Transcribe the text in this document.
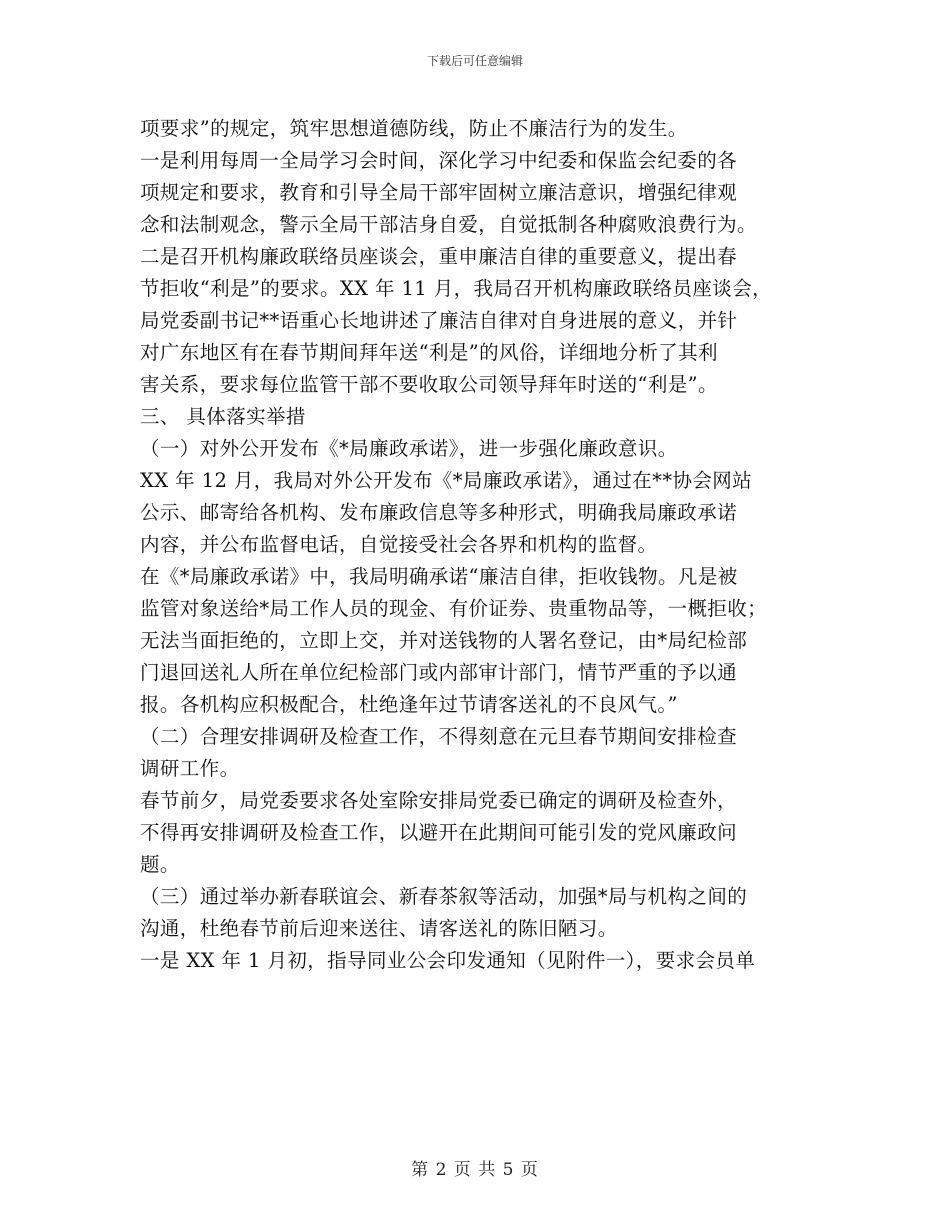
下载后可任意编辑
项要求”的规定，筑牢思想道德防线，防止不廉洁行为的发生。
一是利用每周一全局学习会时间，深化学习中纪委和保监会纪委的各
项规定和要求，教育和引导全局干部牢固树立廉洁意识，增强纪律观
念和法制观念，警示全局干部洁身自爱，自觉抵制各种腐败浪费行为。
二是召开机构廉政联络员座谈会，重申廉洁自律的重要意义，提出春
节拒收“利是”的要求。XX 年 11 月，我局召开机构廉政联络员座谈会，
局党委副书记**语重心长地讲述了廉洁自律对自身进展的意义，并针
对广东地区有在春节期间拜年送“利是”的风俗，详细地分析了其利
害关系，要求每位监管干部不要收取公司领导拜年时送的“利是”。
三、 具体落实举措
（一）对外公开发布《*局廉政承诺》，进一步强化廉政意识。
XX 年 12 月，我局对外公开发布《*局廉政承诺》，通过在**协会网站
公示、邮寄给各机构、发布廉政信息等多种形式，明确我局廉政承诺
内容，并公布监督电话，自觉接受社会各界和机构的监督。
在《*局廉政承诺》中，我局明确承诺“廉洁自律，拒收钱物。凡是被
监管对象送给*局工作人员的现金、有价证券、贵重物品等，一概拒收；
无法当面拒绝的，立即上交，并对送钱物的人署名登记，由*局纪检部
门退回送礼人所在单位纪检部门或内部审计部门，情节严重的予以通
报。各机构应积极配合，杜绝逢年过节请客送礼的不良风气。”
（二）合理安排调研及检查工作，不得刻意在元旦春节期间安排检查
调研工作。
春节前夕，局党委要求各处室除安排局党委已确定的调研及检查外，
不得再安排调研及检查工作，以避开在此期间可能引发的党风廉政问
题。
（三）通过举办新春联谊会、新春茶叙等活动，加强*局与机构之间的
沟通，杜绝春节前后迎来送往、请客送礼的陈旧陋习。
一是 XX 年 1 月初，指导同业公会印发通知（见附件一），要求会员单
第 2 页 共 5 页
